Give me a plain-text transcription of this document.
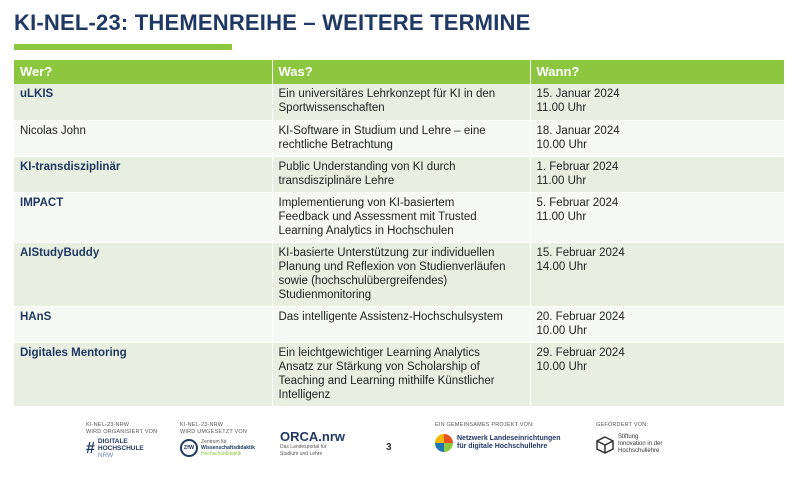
KI-NEL-23: THEMENREIHE – WEITERE TERMINE
Wer?	Was?	Wann?
uLKIS	Ein universitäres Lehrkonzept für KI in den
Sportwissenschaften	15. Januar 2024
11.00 Uhr
Nicolas John	KI-Software in Studium und Lehre – eine
rechtliche Betrachtung	18. Januar 2024
10.00 Uhr
KI-transdisziplinär	Public Understanding von KI durch
transdisziplinäre Lehre	1. Februar 2024
11.00 Uhr
IMPACT	Implementierung von KI-basiertem
Feedback und Assessment mit Trusted
Learning Analytics in Hochschulen	5. Februar 2024
11.00 Uhr
AIStudyBuddy	KI-basierte Unterstützung zur individuellen
Planung und Reflexion von Studienverläufen
sowie (hochschulübergreifendes)
Studienmonitoring	15. Februar 2024
14.00 Uhr
HAnS	Das intelligente Assistenz-Hochschulsystem	20. Februar 2024
10.00 Uhr
Digitales Mentoring	Ein leichtgewichtiger Learning Analytics
Ansatz zur Stärkung von Scholarship of
Teaching and Learning mithilfe Künstlicher
Intelligenz	29. Februar 2024
10.00 Uhr
KI-NEL-23-NRW
WIRD ORGANISIERT VON
# DIGITALE
HOCHSCHULE
NRW
KI-NEL-23-NRW
WIRD UMGESETZT VON
ZfW
Zentrum für
Wissenschaftsdidaktik
Hochschuldidaktik
ORCA.nrw
Das Landesportal für
Studium und Lehre
3
EIN GEMEINSAMES PROJEKT VON:
Netzwerk Landeseinrichtungen
für digitale Hochschullehre
GEFÖRDERT VON:
Stiftung
Innovation in der
Hochschullehre
